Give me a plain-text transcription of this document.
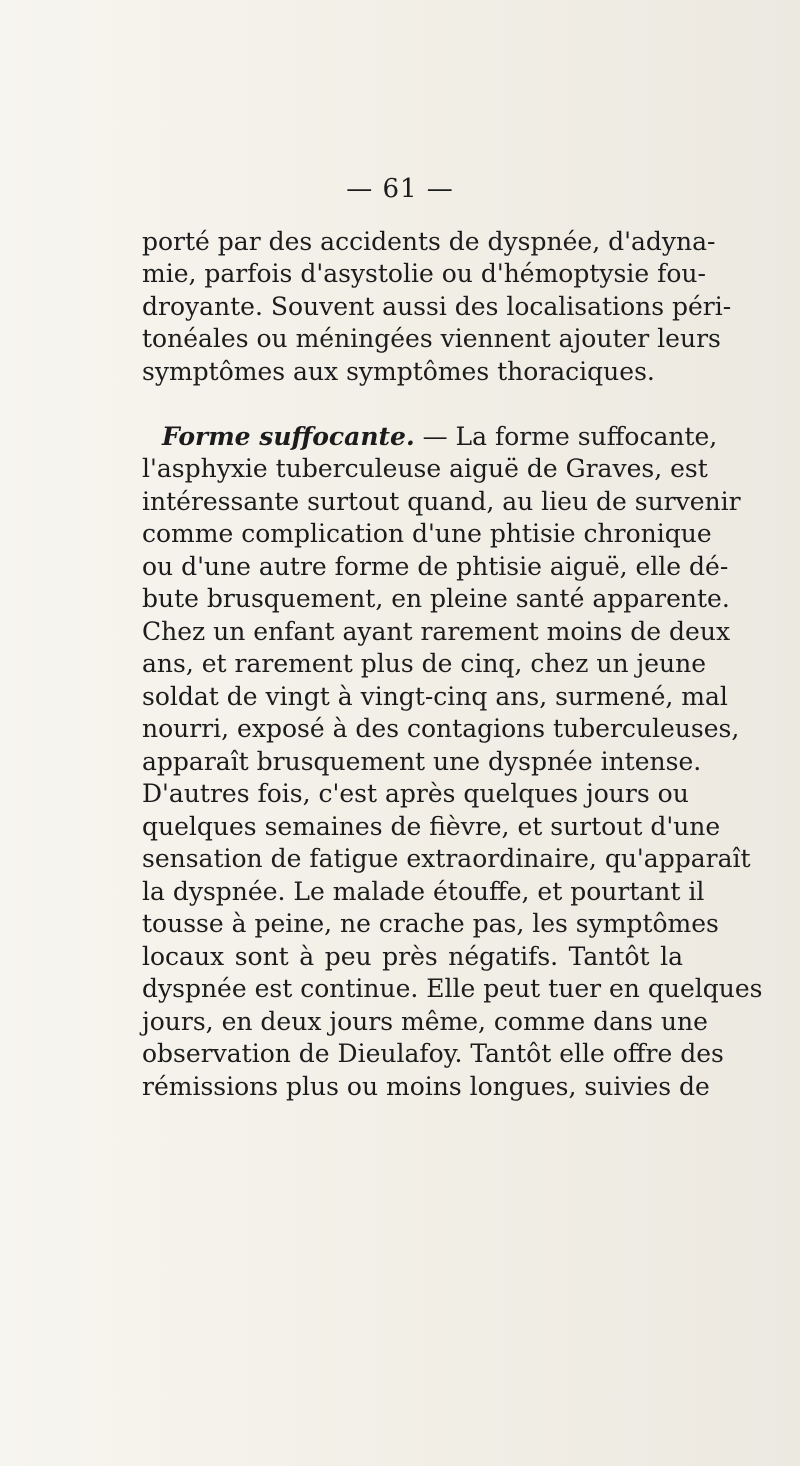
— 61 —
porté par des accidents de dyspnée, d'adyna-
mie, parfois d'asystolie ou d'hémoptysie fou-
droyante. Souvent aussi des localisations péri-
tonéales ou méningées viennent ajouter leurs
symptômes aux symptômes thoraciques.
Forme suffocante. — La forme suffocante,
l'asphyxie tuberculeuse aiguë de Graves, est
intéressante surtout quand, au lieu de survenir
comme complication d'une phtisie chronique
ou d'une autre forme de phtisie aiguë, elle dé-
bute brusquement, en pleine santé apparente.
Chez un enfant ayant rarement moins de deux
ans, et rarement plus de cinq, chez un jeune
soldat de vingt à vingt-cinq ans, surmené, mal
nourri, exposé à des contagions tuberculeuses,
apparaît brusquement une dyspnée intense.
D'autres fois, c'est après quelques jours ou
quelques semaines de fièvre, et surtout d'une
sensation de fatigue extraordinaire, qu'apparaît
la dyspnée. Le malade étouffe, et pourtant il
tousse à peine, ne crache pas, les symptômes
locaux sont à peu près négatifs. Tantôt la
dyspnée est continue. Elle peut tuer en quelques
jours, en deux jours même, comme dans une
observation de Dieulafoy. Tantôt elle offre des
rémissions plus ou moins longues, suivies de
